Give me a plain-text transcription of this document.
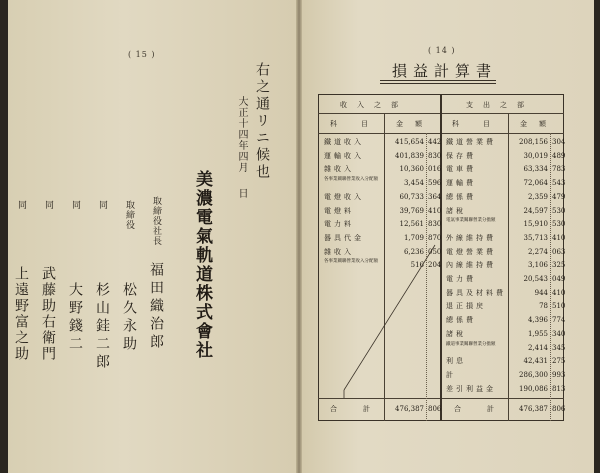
( 15 )
右之通リニ候也
大正十四年四月
日
美濃電氣軌道株式會社
取締役社長
福田織治郎
取締役
松久永助
同
杉山銈二郎
同
大野錢二
同
武藤助右衛門
同
上遠野富之助
( 14 )
損益計算書
收入之部	支出之部
科目 金額	科目 金額
鐵道收入	415,654 442
運輸收入	401,839 830
雜收入	10,360 016
各事業關聯營業收入分配額	3,454 596
電燈收入	60,733 364
電燈料	39,769 410
電力料	12,561 830
器具代金	1,709 870
雜收入	6,236 050
各事業關聯營業收入分配額	516 204
鐵道營業費	208,156 304
保存費	30,019 489
電車費	63,334 783
運輸費	72,064 543
總係費	2,359 479
諸稅	24,597 530
電氣事業關聯營業分擔額	15,910 530
外線維持費	35,713 410
電燈營業費	2,274 063
內線維持費	3,106 325
電力費	20,543 049
器具及材料費	944 410
退正損戻	78 510
總係費	4,396 774
諸稅	1,955 340
鐵道事業關聯營業分擔額	2,414 345
利息	42,431 275
計	286,300 993
差引利益金	190,086 813
合計 476,387 806 合計 476,387 806
